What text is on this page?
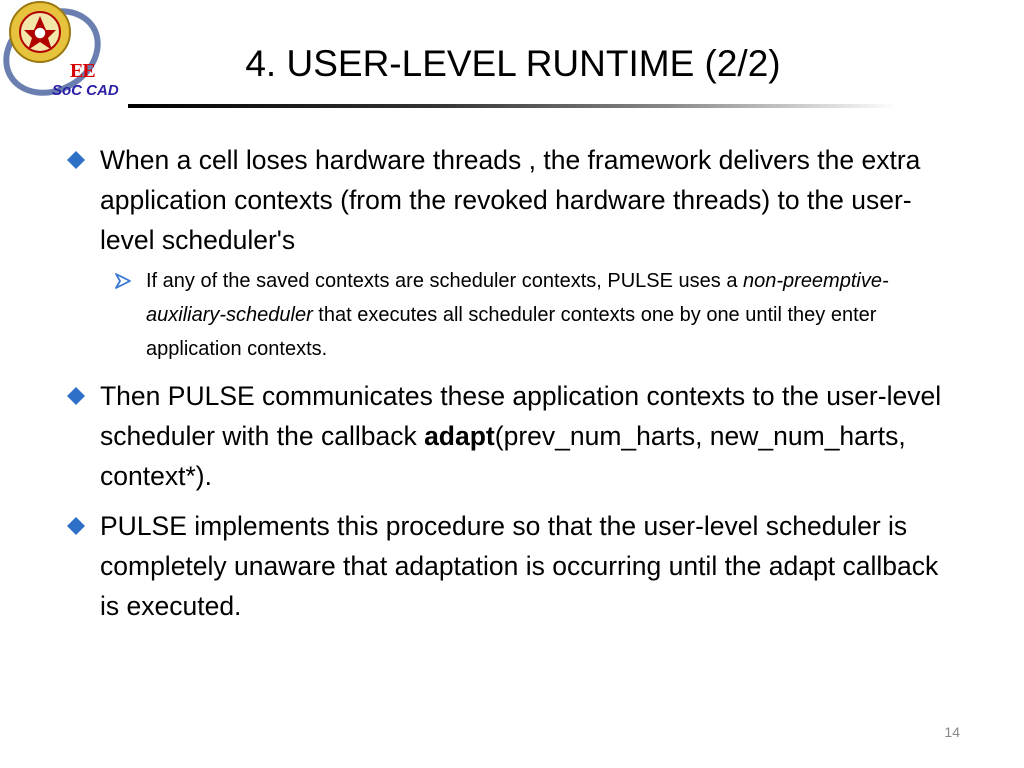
EE
SoC CAD
4. USER-LEVEL RUNTIME (2/2)
When a cell loses hardware threads , the framework delivers the extra application contexts (from the revoked hardware threads) to the user-level scheduler's
If any of the saved contexts are scheduler contexts, PULSE uses a non-preemptive-auxiliary-scheduler that executes all scheduler contexts one by one until they enter application contexts.
Then PULSE communicates these application contexts to the user-level scheduler with the callback adapt(prev_num_harts, new_num_harts, context*).
PULSE implements this procedure so that the user-level scheduler is completely unaware that adaptation is occurring until the adapt callback is executed.
14
